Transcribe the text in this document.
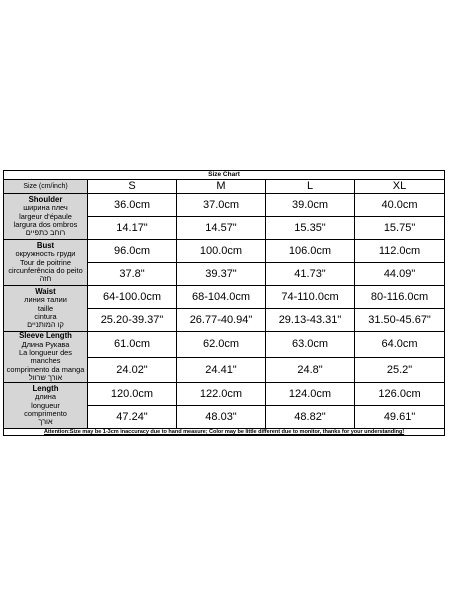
Size Chart				
Size (cm/inch)	S	M	L	XL

Shoulder
ширина плеч
largeur d'épaule
largura dos ombros
רוחב כתפיים	36.0cm	37.0cm	39.0cm	40.0cm
	14.17"	14.57"	15.35"	15.75"

Bust
окружность груди
Tour de poitrine
circunferência do peito
חזה	96.0cm	100.0cm	106.0cm	112.0cm
	37.8"	39.37"	41.73"	44.09"

Waist
линия талии
taille
cintura
קו המותניים	64-100.0cm	68-104.0cm	74-110.0cm	80-116.0cm
	25.20-39.37"	26.77-40.94"	29.13-43.31"	31.50-45.67"

Sleeve Length
Длина Рукава
La longueur des manches
comprimento da manga
אורך שרוול	61.0cm	62.0cm	63.0cm	64.0cm
	24.02"	24.41"	24.8"	25.2"

Length
длина
longueur
comprimento
אורך	120.0cm	122.0cm	124.0cm	126.0cm
	47.24"	48.03"	48.82"	49.61"
Attention:Size may be 1-3cm inaccuracy due to hand measure; Color may be little different due to monitor, thanks for your understanding!				
